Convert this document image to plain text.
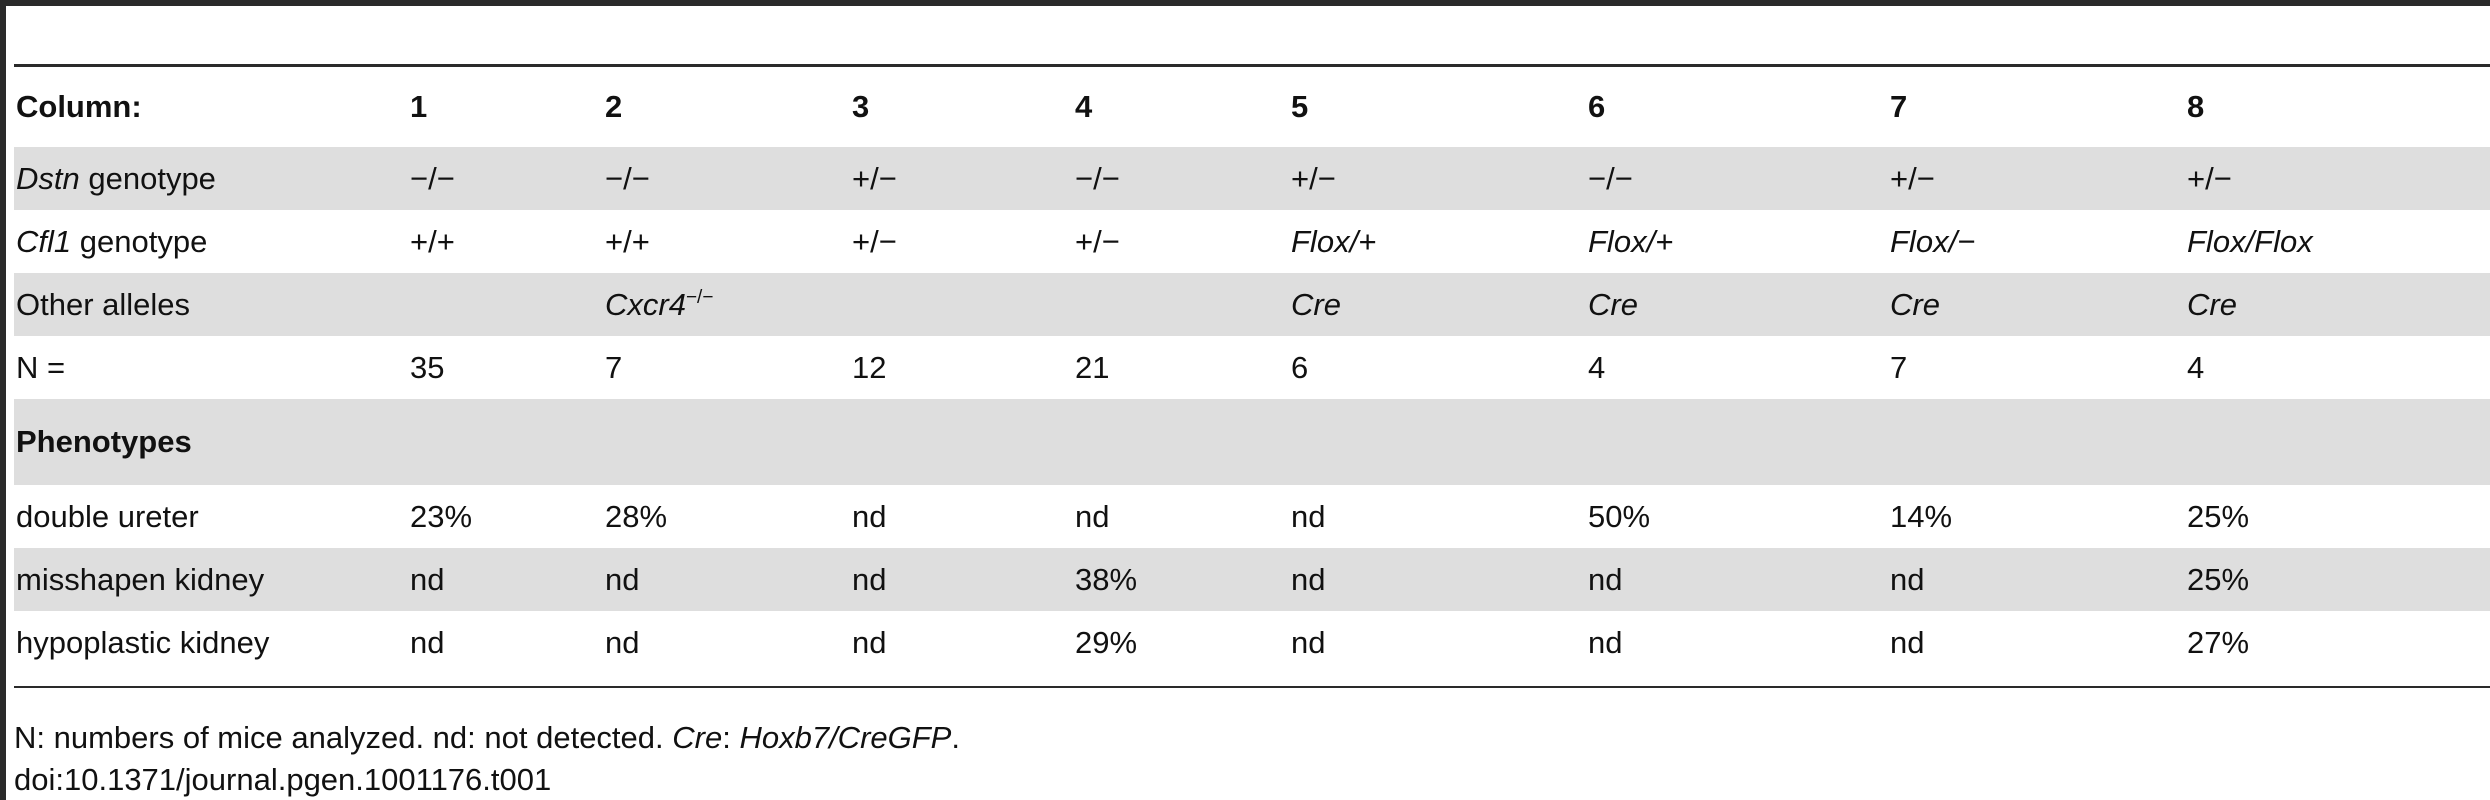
Column:	1	2	3	4	5	6	7	8
Dstn genotype	−/−	−/−	+/−	−/−	+/−	−/−	+/−	+/−
Cfl1 genotype	+/+	+/+	+/−	+/−	Flox/+	Flox/+	Flox/−	Flox/Flox
Other alleles		Cxcr4−/−			Cre	Cre	Cre	Cre
N =	35	7	12	21	6	4	7	4
Phenotypes								
double ureter	23%	28%	nd	nd	nd	50%	14%	25%
misshapen kidney	nd	nd	nd	38%	nd	nd	nd	25%
hypoplastic kidney	nd	nd	nd	29%	nd	nd	nd	27%
N: numbers of mice analyzed. nd: not detected. Cre: Hoxb7/CreGFP.
doi:10.1371/journal.pgen.1001176.t001
